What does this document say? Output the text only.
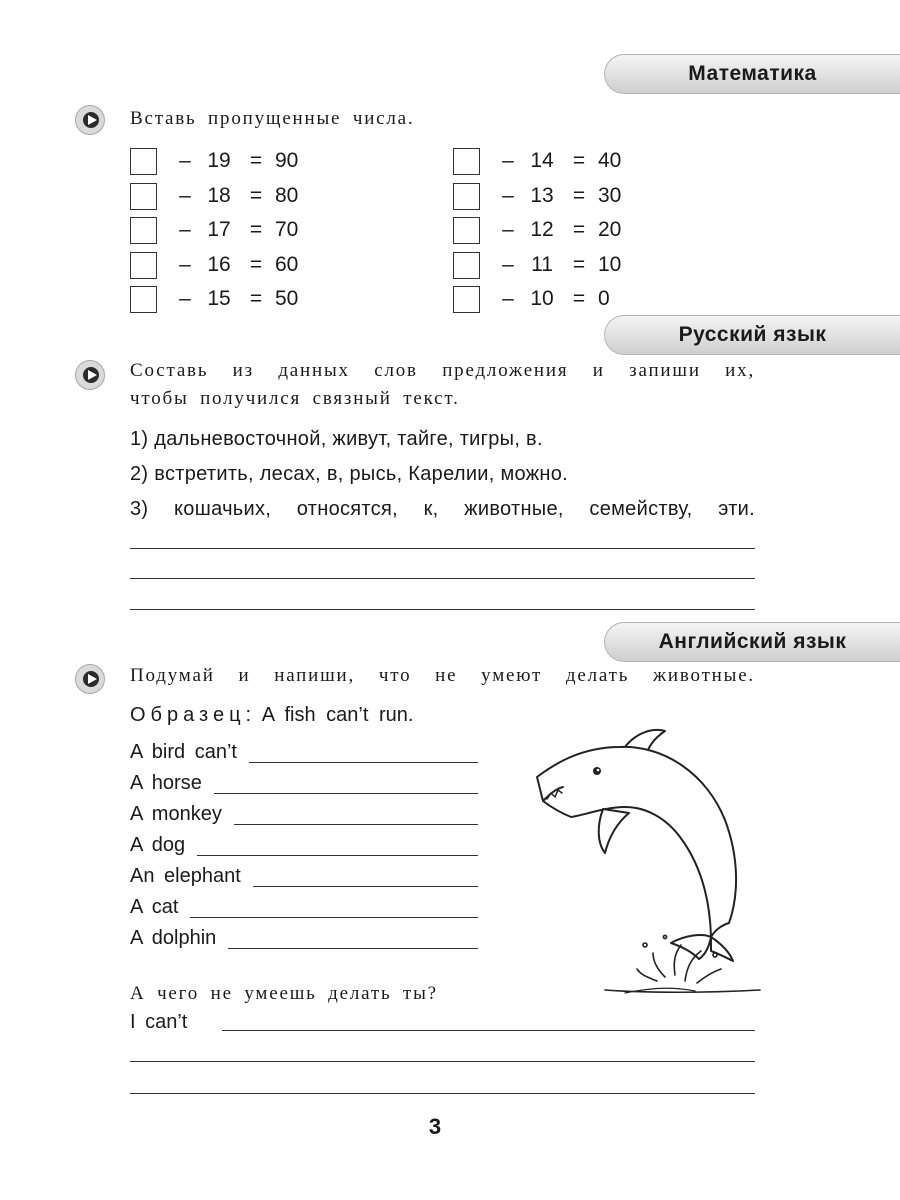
Математика
Вставь пропущенные числа.
– 19 = 90
– 18 = 80
– 17 = 70
– 16 = 60
– 15 = 50
– 14 = 40
– 13 = 30
– 12 = 20
– 11 = 10
– 10 = 0
Русский язык
Составь из данных слов предложения и запиши их,
чтобы получился связный текст.
1) дальневосточной, живут, тайге, тигры, в.
2) встретить, лесах, в, рысь, Карелии, можно.
3) кошачьих, относятся, к, животные, семейству, эти.
Английский язык
Подумай и напиши, что не умеют делать животные.
Образец: A fish can’t run.
A bird can’t
A horse
A monkey
A dog
An elephant
A cat
A dolphin
А чего не умеешь делать ты?
I can’t
3
